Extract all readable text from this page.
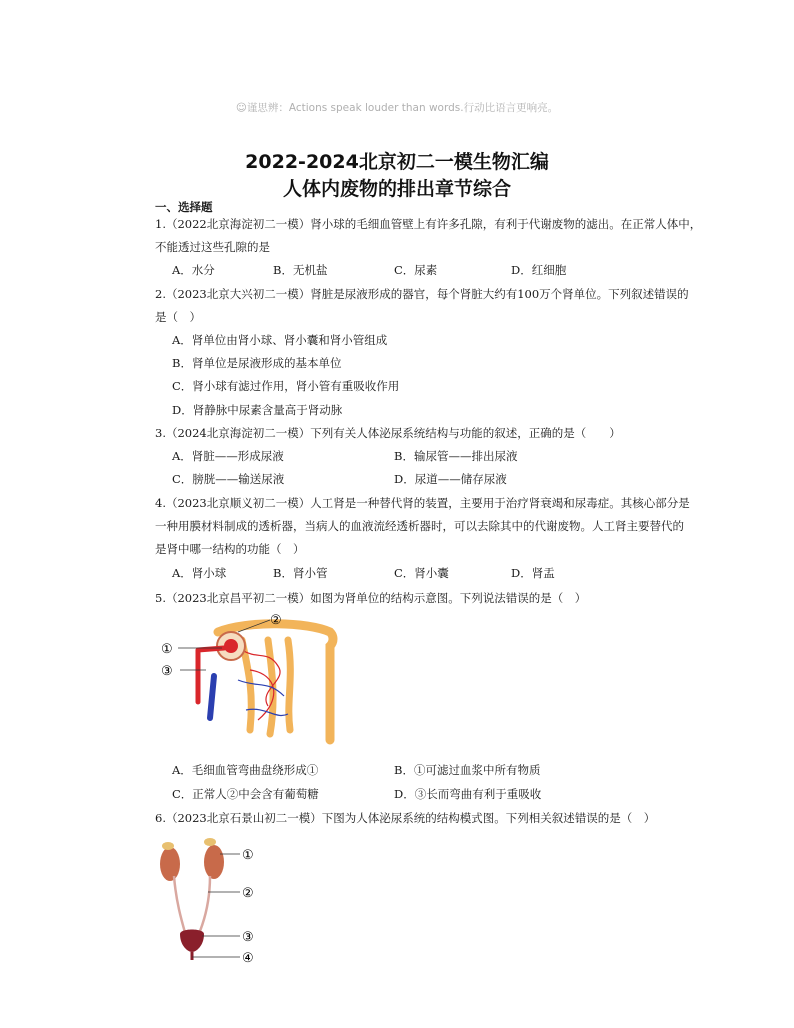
☺谨思辨：Actions speak louder than words.行动比语言更响亮。
2022-2024北京初二一模生物汇编
人体内废物的排出章节综合
一、选择题
1.（2022北京海淀初二一模）肾小球的毛细血管壁上有许多孔隙，有利于代谢废物的滤出。在正常人体中，
不能透过这些孔隙的是
A．水分	B．无机盐	C．尿素	D．红细胞
2.（2023北京大兴初二一模）肾脏是尿液形成的器官，每个肾脏大约有100万个肾单位。下列叙述错误的
是（　）
A．肾单位由肾小球、肾小囊和肾小管组成
B．肾单位是尿液形成的基本单位
C．肾小球有滤过作用，肾小管有重吸收作用
D．肾静脉中尿素含量高于肾动脉
3.（2024北京海淀初二一模）下列有关人体泌尿系统结构与功能的叙述，正确的是（　　）
A．肾脏——形成尿液	B．输尿管——排出尿液
C．膀胱——输送尿液	D．尿道——储存尿液
4.（2023北京顺义初二一模）人工肾是一种替代肾的装置，主要用于治疗肾衰竭和尿毒症。其核心部分是
一种用膜材料制成的透析器，当病人的血液流经透析器时，可以去除其中的代谢废物。人工肾主要替代的
是肾中哪一结构的功能（　）
A．肾小球	B．肾小管	C．肾小囊	D．肾盂
5.（2023北京昌平初二一模）如图为肾单位的结构示意图。下列说法错误的是（　）
①
②
③
A．毛细血管弯曲盘绕形成①	B．①可滤过血浆中所有物质
C．正常人②中会含有葡萄糖	D．③长而弯曲有利于重吸收
6.（2023北京石景山初二一模）下图为人体泌尿系统的结构模式图。下列相关叙述错误的是（　）
①
②
③
④
